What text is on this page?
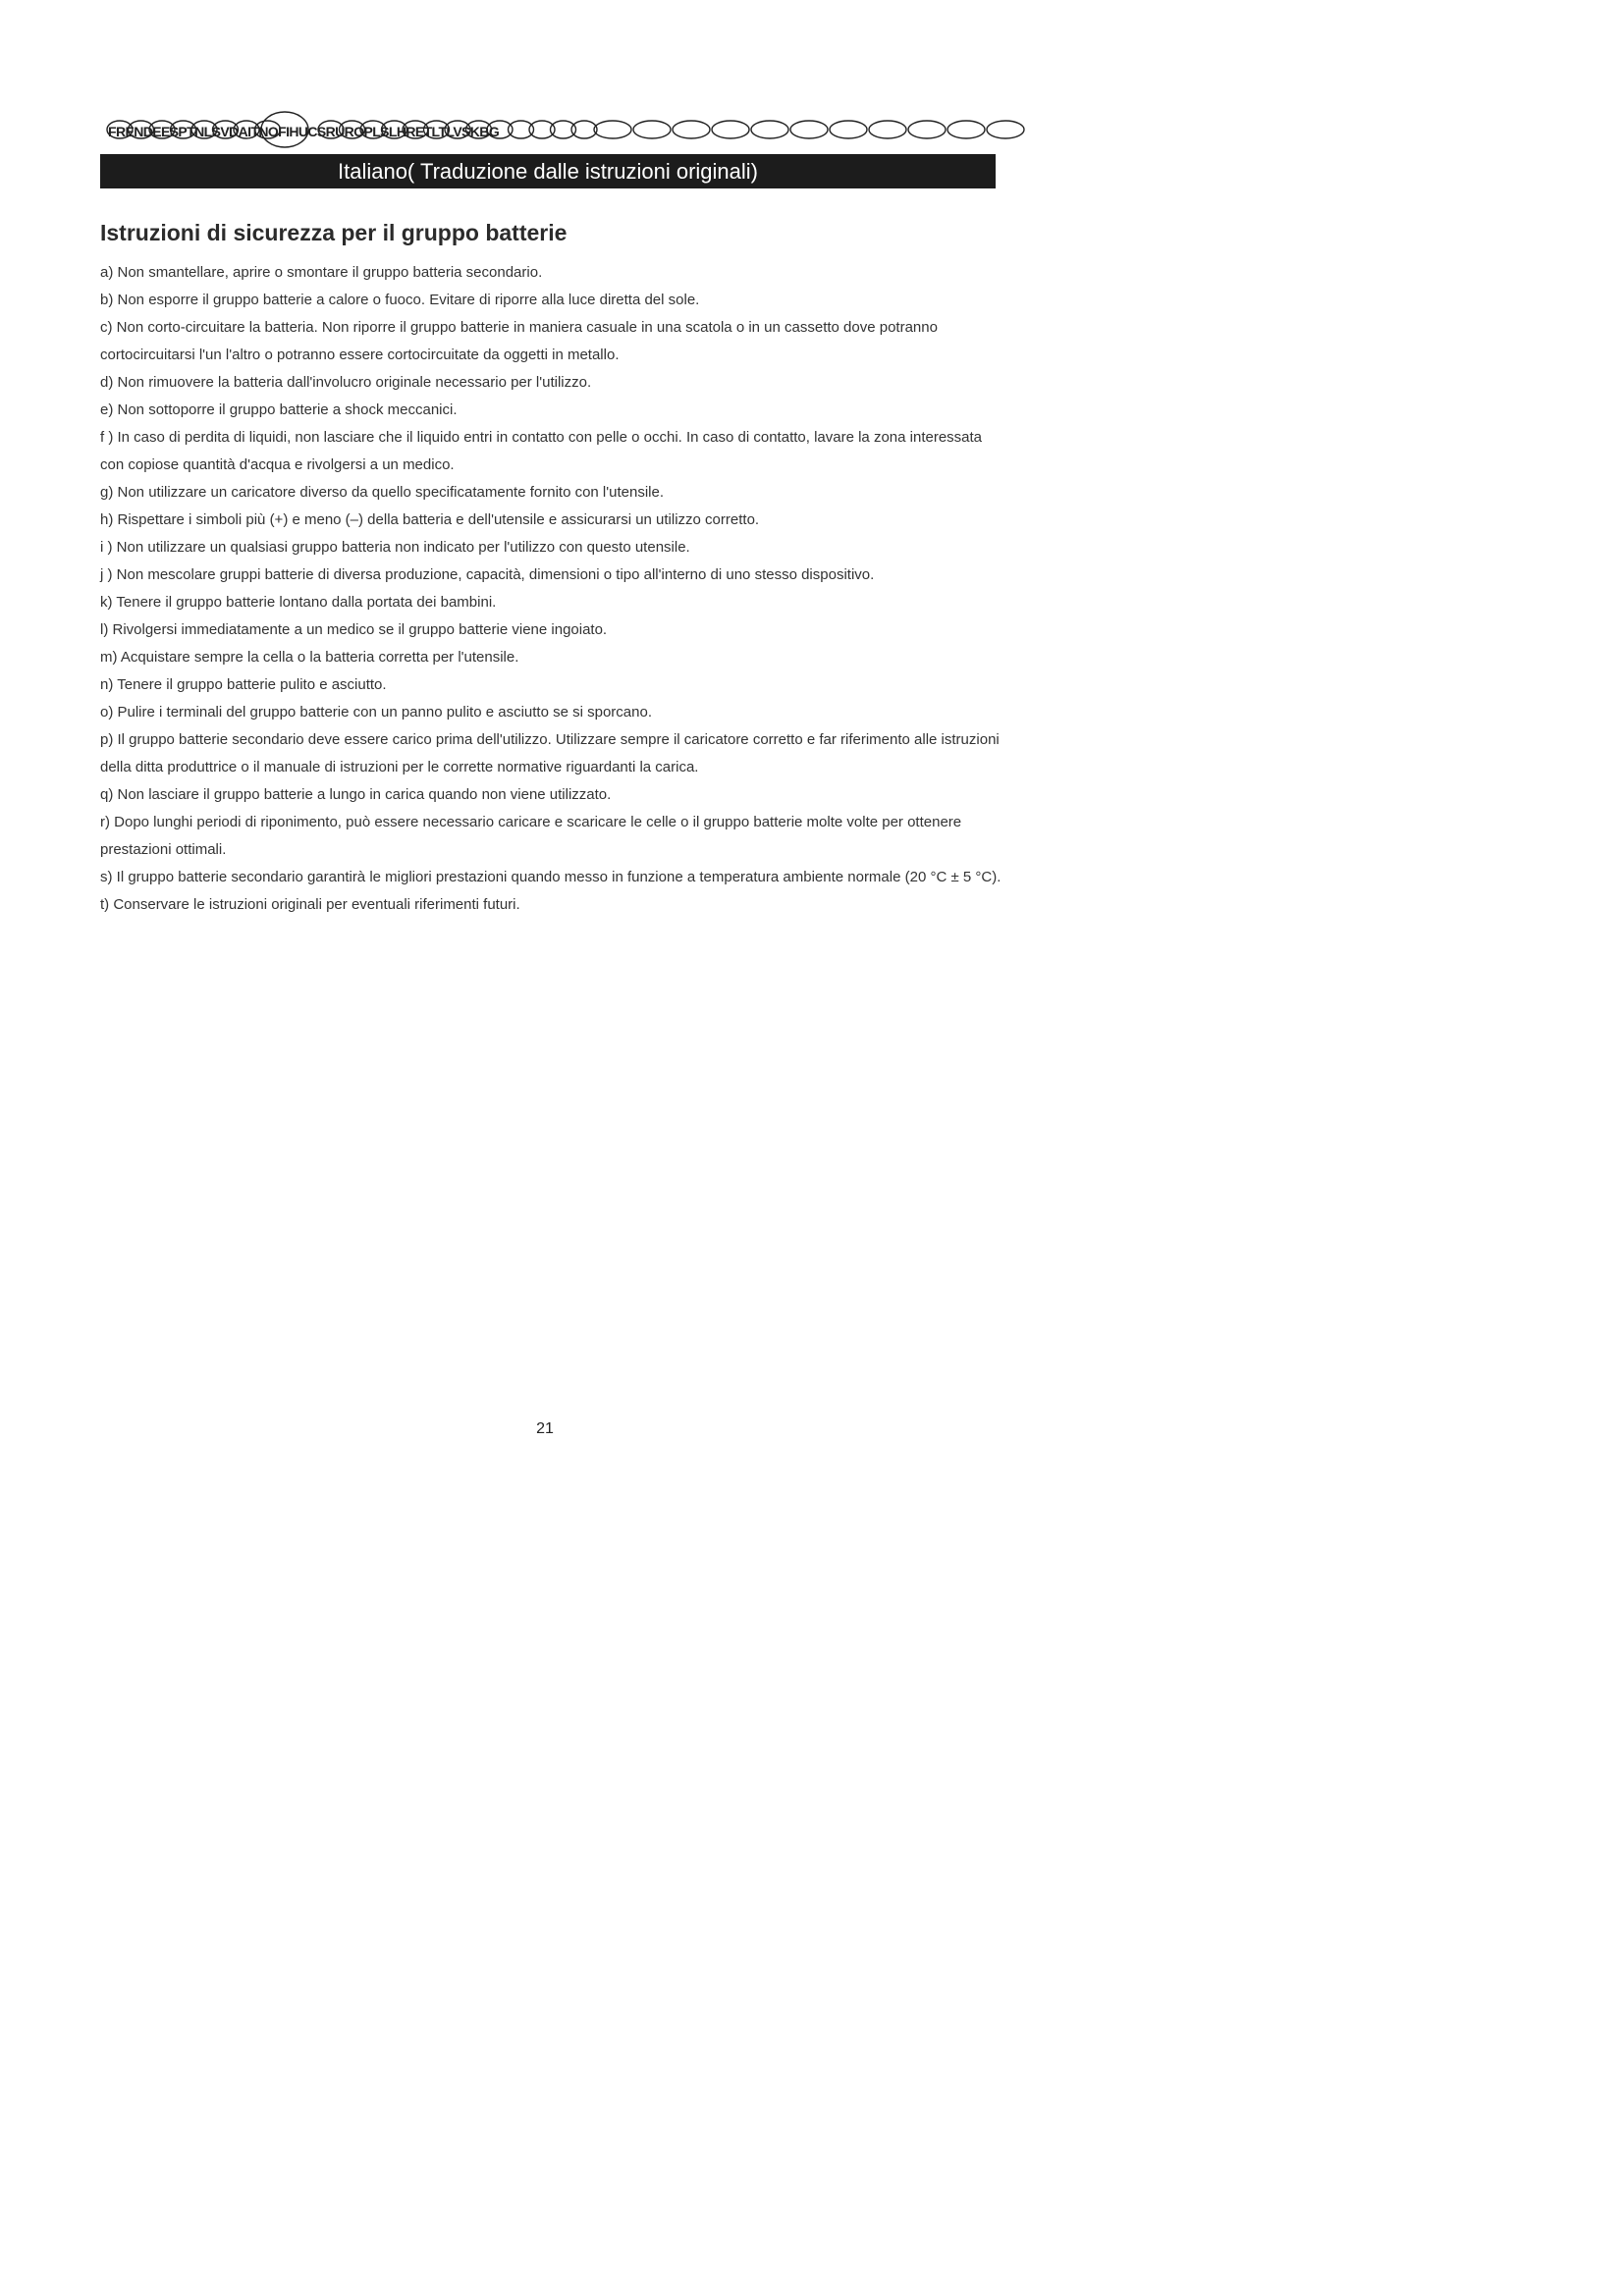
FRENDEESPTNLSVDAITNOFIHUCSRUROPLSLHRETLTLVSKBG
Italiano( Traduzione dalle istruzioni originali)
Istruzioni di sicurezza per il gruppo batterie

a) Non smantellare, aprire o smontare il gruppo batteria secondario.

b) Non esporre il gruppo batterie a calore o fuoco. Evitare di riporre alla luce diretta del sole.

c) Non corto-circuitare la batteria. Non riporre il gruppo batterie in maniera casuale in una scatola o in un cassetto dove potranno cortocircuitarsi l'un l'altro o potranno essere cortocircuitate da oggetti in metallo.

d) Non rimuovere la batteria dall'involucro originale necessario per l'utilizzo.

e) Non sottoporre il gruppo batterie a shock meccanici.

f ) In caso di perdita di liquidi, non lasciare che il liquido entri in contatto con pelle o occhi. In caso di contatto, lavare la zona interessata con copiose quantità d'acqua e rivolgersi a un medico.

g) Non utilizzare un caricatore diverso da quello specificatamente fornito con l'utensile.

h) Rispettare i simboli più (+) e meno (–) della batteria e dell'utensile e assicurarsi un utilizzo corretto.

i ) Non utilizzare un qualsiasi gruppo batteria non indicato per l'utilizzo con questo utensile.

j ) Non mescolare gruppi batterie di diversa produzione, capacità, dimensioni o tipo all'interno di uno stesso dispositivo.

k) Tenere il gruppo batterie lontano dalla portata dei bambini.

l) Rivolgersi immediatamente a un medico se il gruppo batterie viene ingoiato.

m) Acquistare sempre la cella o la batteria corretta per l'utensile.

n) Tenere il gruppo batterie pulito e asciutto.

o) Pulire i terminali del gruppo batterie con un panno pulito e asciutto se si sporcano.

p) Il gruppo batterie secondario deve essere carico prima dell'utilizzo. Utilizzare sempre il caricatore corretto e far riferimento alle istruzioni della ditta produttrice o il manuale di istruzioni per le corrette normative riguardanti la carica.

q) Non lasciare il gruppo batterie a lungo in carica quando non viene utilizzato.

r) Dopo lunghi periodi di riponimento, può essere necessario caricare e scaricare le celle o il gruppo batterie molte volte per ottenere prestazioni ottimali.

s) Il gruppo batterie secondario garantirà le migliori prestazioni quando messo in funzione a temperatura ambiente normale (20 °C ± 5 °C).

t) Conservare le istruzioni originali per eventuali riferimenti futuri.

21
